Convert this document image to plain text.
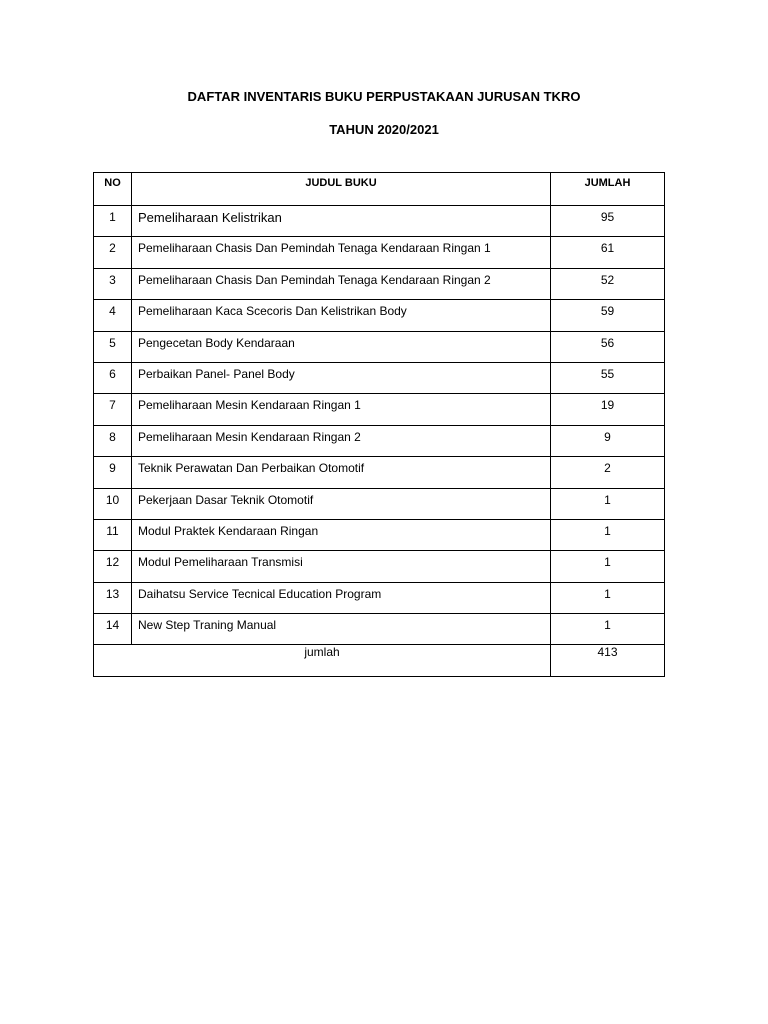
DAFTAR INVENTARIS BUKU PERPUSTAKAAN JURUSAN TKRO
TAHUN 2020/2021
NO	JUDUL BUKU	JUMLAH
1	Pemeliharaan Kelistrikan	95
2	Pemeliharaan Chasis Dan Pemindah Tenaga Kendaraan Ringan 1	61
3	Pemeliharaan Chasis Dan Pemindah Tenaga Kendaraan Ringan 2	52
4	Pemeliharaan Kaca Scecoris Dan Kelistrikan Body	59
5	Pengecetan Body Kendaraan	56
6	Perbaikan Panel- Panel Body	55
7	Pemeliharaan Mesin Kendaraan Ringan 1	19
8	Pemeliharaan Mesin Kendaraan Ringan 2	9
9	Teknik Perawatan Dan Perbaikan Otomotif	2
10	Pekerjaan Dasar Teknik Otomotif	1
11	Modul Praktek Kendaraan Ringan	1
12	Modul Pemeliharaan Transmisi	1
13	Daihatsu Service Tecnical Education Program	1
14	New Step Traning Manual	1
jumlah		413
